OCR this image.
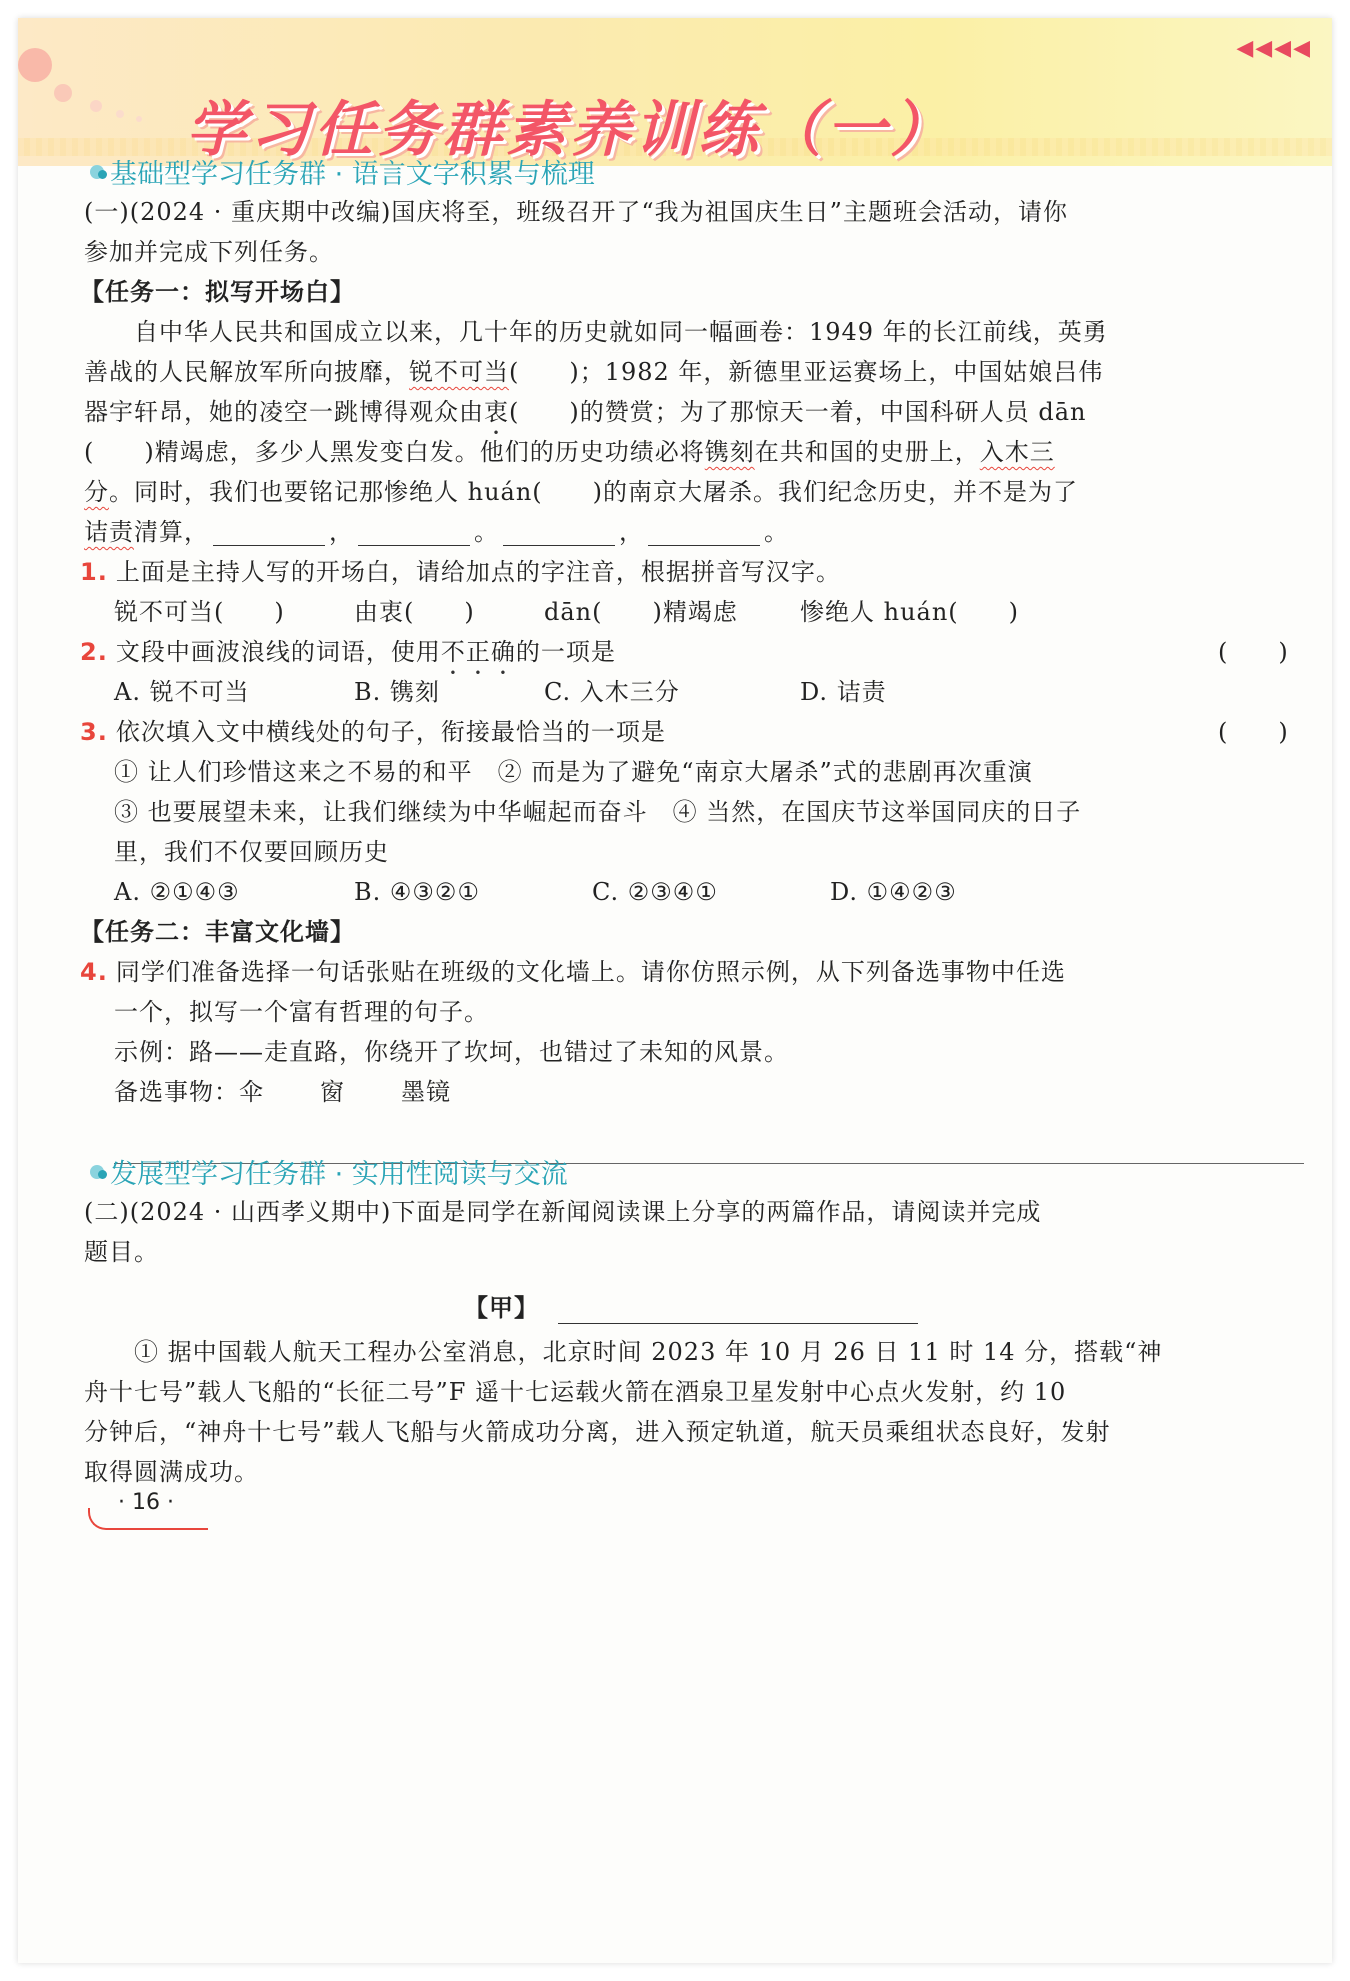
学习任务群素养训练（一）
◀◀◀◀
基础型学习任务群 · 语言文字积累与梳理
(一)(2024 · 重庆期中改编)国庆将至，班级召开了“我为祖国庆生日”主题班会活动，请你
参加并完成下列任务。
【任务一：拟写开场白】
自中华人民共和国成立以来，几十年的历史就如同一幅画卷：1949 年的长江前线，英勇
善战的人民解放军所向披靡，锐不可当(　　)；1982 年，新德里亚运赛场上，中国姑娘吕伟
器宇轩昂，她的凌空一跳博得观众由衷(　　)的赞赏；为了那惊天一着，中国科研人员 dān
(　　)精竭虑，多少人黑发变白发。他们的历史功绩必将镌刻在共和国的史册上，入木三
分。同时，我们也要铭记那惨绝人 huán(　　)的南京大屠杀。我们纪念历史，并不是为了
诘责清算，	，	。	，	。
1. 上面是主持人写的开场白，请给加点的字注音，根据拼音写汉字。
锐不可当(　　)	由衷(　　)	dān(　　)精竭虑	惨绝人 huán(　　)
2. 文段中画波浪线的词语，使用不正确的一项是	(　　)
A. 锐不可当	B. 镌刻	C. 入木三分	D. 诘责
3. 依次填入文中横线处的句子，衔接最恰当的一项是	(　　)
① 让人们珍惜这来之不易的和平　② 而是为了避免“南京大屠杀”式的悲剧再次重演
③ 也要展望未来，让我们继续为中华崛起而奋斗　④ 当然，在国庆节这举国同庆的日子
里，我们不仅要回顾历史
A. ②①④③	B. ④③②①	C. ②③④①	D. ①④②③
【任务二：丰富文化墙】
4. 同学们准备选择一句话张贴在班级的文化墙上。请你仿照示例，从下列备选事物中任选
一个，拟写一个富有哲理的句子。
示例：路——走直路，你绕开了坎坷，也错过了未知的风景。
备选事物：伞 窗 墨镜
发展型学习任务群 · 实用性阅读与交流
(二)(2024 · 山西孝义期中)下面是同学在新闻阅读课上分享的两篇作品，请阅读并完成
题目。
【甲】
① 据中国载人航天工程办公室消息，北京时间 2023 年 10 月 26 日 11 时 14 分，搭载“神
舟十七号”载人飞船的“长征二号”F 遥十七运载火箭在酒泉卫星发射中心点火发射，约 10
分钟后，“神舟十七号”载人飞船与火箭成功分离，进入预定轨道，航天员乘组状态良好，发射
取得圆满成功。
· 16 ·
